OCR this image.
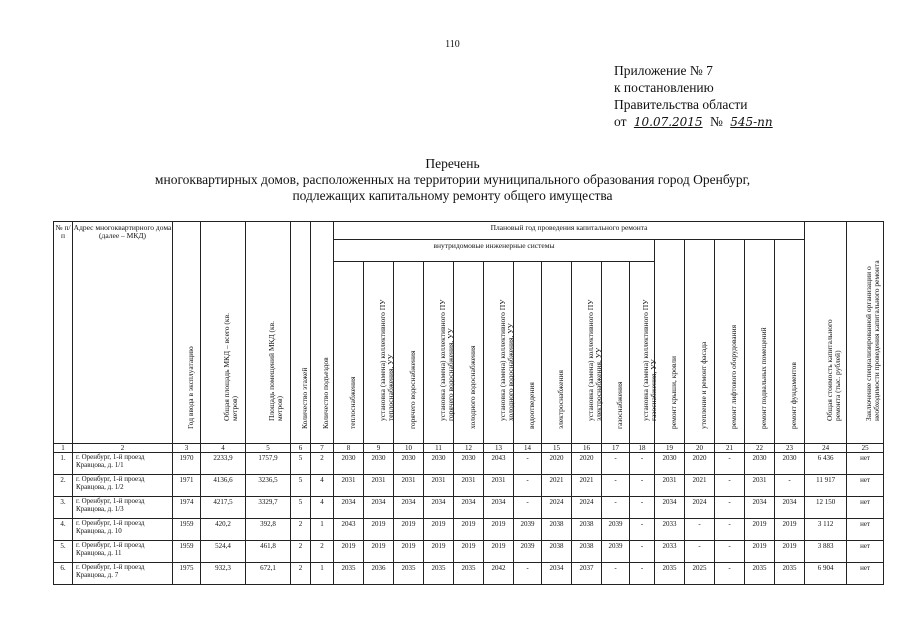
110
Приложение № 7
к постановлению
Правительства области
от 10.07.2015 № 545-пп
Перечень
многоквартирных домов, расположенных на территории муниципального образования город Оренбург,
подлежащих капитальному ремонту общего имущества
№ п/п	Адрес многоквартирного дома (далее – МКД)	Год ввода в эксплуатацию	Общая площадь МКД – всего (кв. метров)	Площадь помещений МКД (кв. метров)	Количество этажей	Количество подъездов	Плановый год проведения капитального ремонта																Общая стоимость капитального ремонта (тыс. рублей)	Заключение специализированной организации о необходимости проведения капитального ремонта

							внутридомовые инженерные системы											ремонт крыши, кровли	утепление и ремонт фасада	ремонт лифтового оборудования	ремонт подвальных помещений	ремонт фундаментов		

							теплоснабжения	установка (замена) коллективного ПУ теплоснабжения, УУ	горячего водоснабжения	установка (замена) коллективного ПУ горячего водоснабжения, УУ	холодного водоснабжения	установка (замена) коллективного ПУ холодного водоснабжения, УУ	водоотведения	электроснабжения	установка (замена) коллективного ПУ электроснабжения, УУ	газоснабжения	установка (замена) коллективного ПУ газоснабжения, УУ							

1	2	3	4	5	6	7	8	9	10	11	12	13	14	15	16	17	18	19	20	21	22	23	24	25
1.	г. Оренбург, 1-й проезд Кравцова, д. 1/1	1970	2233,9	1757,9	5	2	2030	2030	2030	2030	2030	2043	-	2020	2020	-	-	2030	2020	-	2030	2030	6 436	нет
2.	г. Оренбург, 1-й проезд Кравцова, д. 1/2	1971	4136,6	3236,5	5	4	2031	2031	2031	2031	2031	2031	-	2021	2021	-	-	2031	2021	-	2031	-	11 917	нет
3.	г. Оренбург, 1-й проезд Кравцова, д. 1/3	1974	4217,5	3329,7	5	4	2034	2034	2034	2034	2034	2034	-	2024	2024	-	-	2034	2024	-	2034	2034	12 150	нет
4.	г. Оренбург, 1-й проезд Кравцова, д. 10	1959	420,2	392,8	2	1	2043	2019	2019	2019	2019	2019	2039	2038	2038	2039	-	2033	-	-	2019	2019	3 112	нет
5.	г. Оренбург, 1-й проезд Кравцова, д. 11	1959	524,4	461,8	2	2	2019	2019	2019	2019	2019	2019	2039	2038	2038	2039	-	2033	-	-	2019	2019	3 883	нет
6.	г. Оренбург, 1-й проезд Кравцова, д. 7	1975	932,3	672,1	2	1	2035	2036	2035	2035	2035	2042	-	2034	2037	-	-	2035	2025	-	2035	2035	6 904	нет
